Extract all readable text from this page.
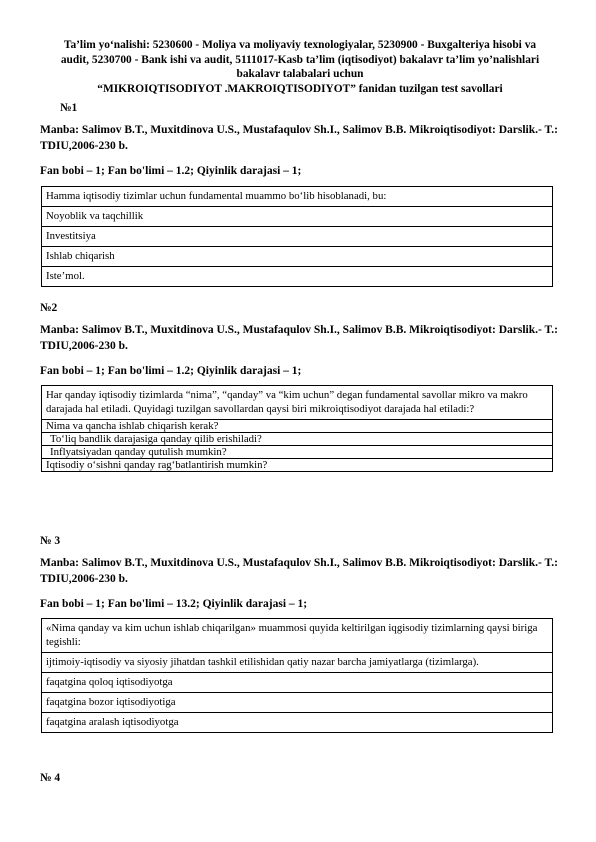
Ta’lim yo‘nalishi: 5230600 - Moliya va moliyaviy texnologiyalar, 5230900 - Buxgalteriya hisobi va
audit, 5230700 - Bank ishi va audit, 5111017-Kasb ta’lim (iqtisodiyot) bakalavr ta’lim yo’nalishlari
bakalavr talabalari uchun
“MIKROIQTISODIYOT .MAKROIQTISODIYOT” fanidan tuzilgan test savollari
№1
Manba: Salimov B.T., Muxitdinova U.S., Mustafaqulov Sh.I., Salimov B.B. Mikroiqtisodiyot: Darslik.- T.: TDIU,2006-230 b.
Fan bobi – 1; Fan bo'limi – 1.2; Qiyinlik darajasi – 1;
Hamma iqtisodiy tizimlar uchun fundamental muammo bo‘lib hisoblanadi, bu:
Noyoblik va taqchillik
Investitsiya
Ishlab chiqarish
Iste’mol.
№2
Manba: Salimov B.T., Muxitdinova U.S., Mustafaqulov Sh.I., Salimov B.B. Mikroiqtisodiyot: Darslik.- T.: TDIU,2006-230 b.
Fan bobi – 1; Fan bo'limi – 1.2; Qiyinlik darajasi – 1;
Har qanday iqtisodiy tizimlarda “nima”, “qanday” va “kim uchun” degan fundamental savollar mikro va makro darajada hal etiladi. Quyidagi tuzilgan savollardan qaysi biri mikroiqtisodiyot darajada hal etiladi:?
Nima va qancha ishlab chiqarish kerak?
To‘liq bandlik darajasiga qanday qilib erishiladi?
Inflyatsiyadan qanday qutulish mumkin?
Iqtisodiy o‘sishni qanday rag‘batlantirish mumkin?
№ 3
Manba: Salimov B.T., Muxitdinova U.S., Mustafaqulov Sh.I., Salimov B.B. Mikroiqtisodiyot: Darslik.- T.: TDIU,2006-230 b.
Fan bobi – 1; Fan bo'limi – 13.2; Qiyinlik darajasi – 1;
«Nima qanday va kim uchun ishlab chiqarilgan» muammosi quyida keltirilgan iqgisodiy tizimlarning qaysi biriga tegishli:
ijtimoiy-iqtisodiy va siyosiy jihatdan tashkil etilishidan qatiy nazar barcha jamiyatlarga (tizimlarga).
faqatgina qoloq iqtisodiyotga
faqatgina bozor iqtisodiyotiga
faqatgina aralash iqtisodiyotga
№ 4
